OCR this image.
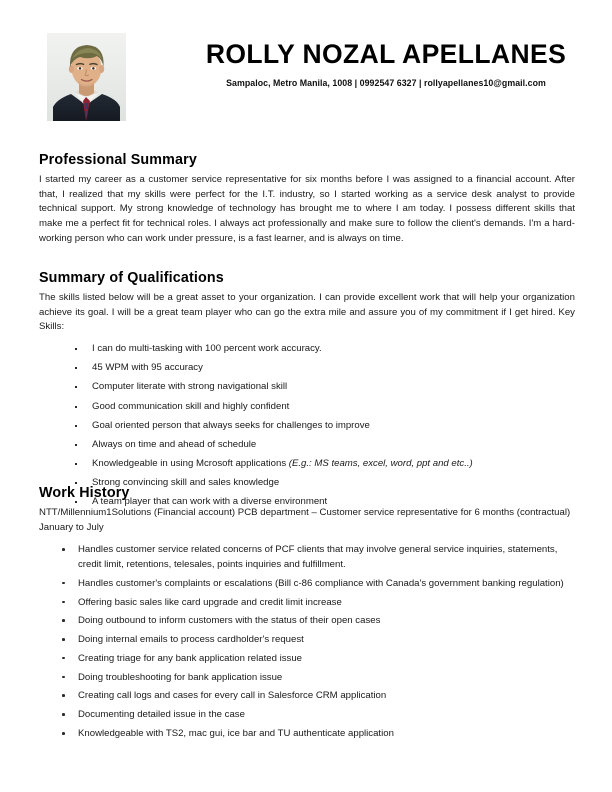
ROLLY NOZAL APELLANES
Sampaloc, Metro Manila, 1008 | 0992547 6327 | rollyapellanes10@gmail.com
Professional Summary

I started my career as a customer service representative for six months before I was assigned to a financial account. After that, I realized that my skills were perfect for the I.T. industry, so I started working as a service desk analyst to provide technical support. My strong knowledge of technology has brought me to where I am today. I possess different skills that make me a perfect fit for technical roles. I always act professionally and make sure to follow the client's demands. I'm a hard-working person who can work under pressure, is a fast learner, and is always on time.

Summary of Qualifications

The skills listed below will be a great asset to your organization. I can provide excellent work that will help your organization achieve its goal. I will be a great team player who can go the extra mile and assure you of my commitment if I get hired. Key Skills:

I can do multi-tasking with 100 percent work accuracy.
45 WPM with 95 accuracy
Computer literate with strong navigational skill
Good communication skill and highly confident
Goal oriented person that always seeks for challenges to improve
Always on time and ahead of schedule
Knowledgeable in using Mcrosoft applications (E.g.: MS teams, excel, word, ppt and etc..)
Strong convincing skill and sales knowledge
A team player that can work with a diverse environment
Work History

NTT/Millennium1Solutions (Financial account) PCB department – Customer service representative for 6 months (contractual) January to July

Handles customer service related concerns of PCF clients that may involve general service inquiries, statements, credit limit, retentions, telesales, points inquiries and fulfillment.
Handles customer's complaints or escalations (Bill c-86 compliance with Canada's government banking regulation)
Offering basic sales like card upgrade and credit limit increase
Doing outbound to inform customers with the status of their open cases
Doing internal emails to process cardholder's request
Creating triage for any bank application related issue
Doing troubleshooting for bank application issue
Creating call logs and cases for every call in Salesforce CRM application
Documenting detailed issue in the case
Knowledgeable with TS2, mac gui, ice bar and TU authenticate application
